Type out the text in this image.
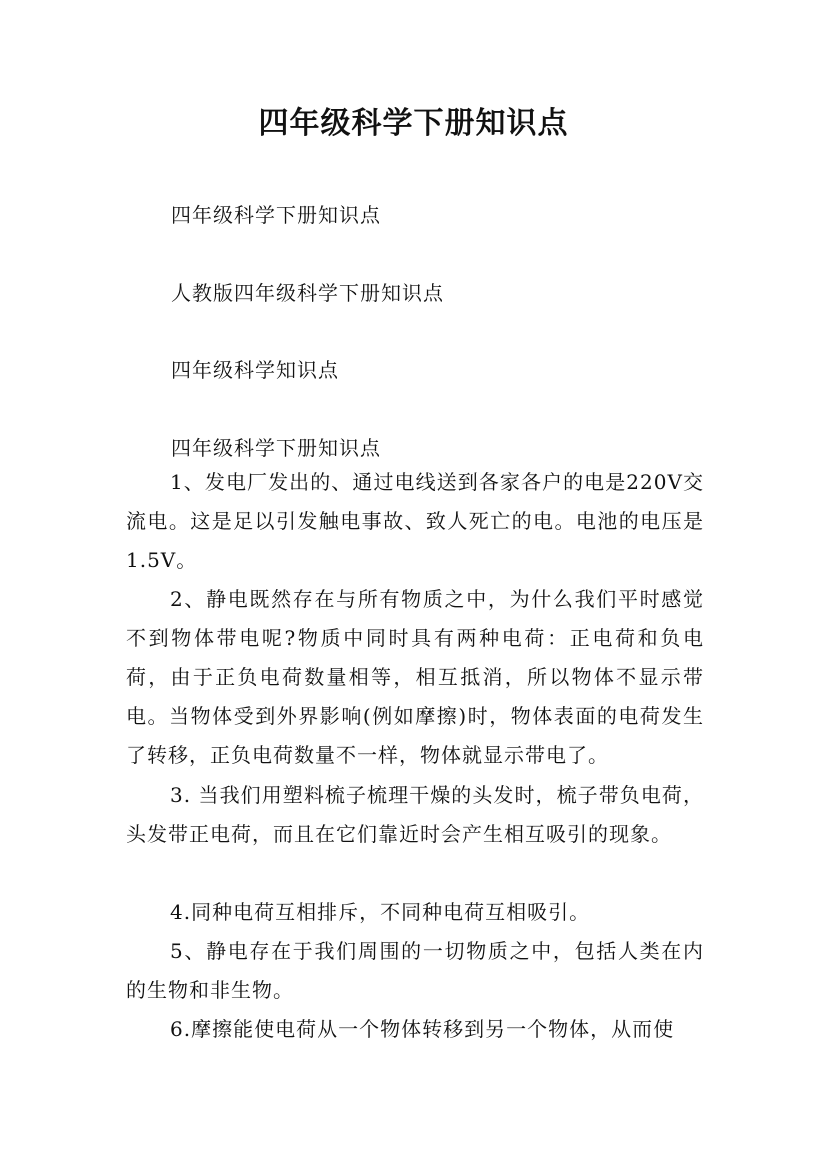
四年级科学下册知识点
四年级科学下册知识点
人教版四年级科学下册知识点
四年级科学知识点
四年级科学下册知识点

1、发电厂发出的、通过电线送到各家各户的电是220V交流电。这是足以引发触电事故、致人死亡的电。电池的电压是1.5V。

2、静电既然存在与所有物质之中，为什么我们平时感觉不到物体带电呢?物质中同时具有两种电荷：正电荷和负电荷，由于正负电荷数量相等，相互抵消，所以物体不显示带电。当物体受到外界影响(例如摩擦)时，物体表面的电荷发生了转移，正负电荷数量不一样，物体就显示带电了。

3. 当我们用塑料梳子梳理干燥的头发时，梳子带负电荷，头发带正电荷，而且在它们靠近时会产生相互吸引的现象。

4.同种电荷互相排斥，不同种电荷互相吸引。

5、静电存在于我们周围的一切物质之中，包括人类在内的生物和非生物。

6.摩擦能使电荷从一个物体转移到另一个物体，从而使
